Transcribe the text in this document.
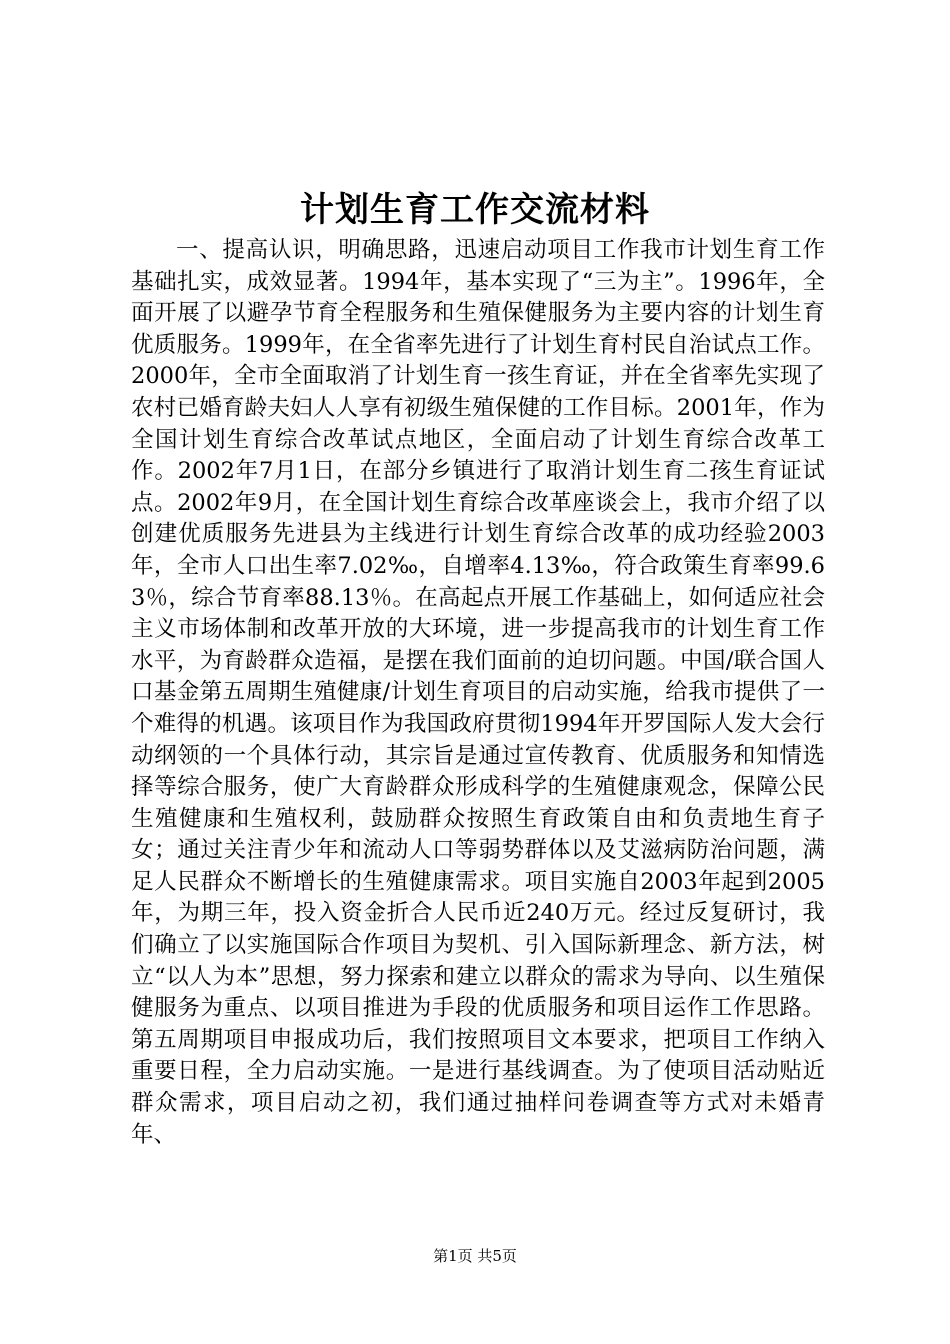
计划生育工作交流材料

一、提高认识，明确思路，迅速启动项目工作我市计划生育工作基础扎实，成效显著。1994年，基本实现了“三为主”。1996年，全面开展了以避孕节育全程服务和生殖保健服务为主要内容的计划生育优质服务。1999年，在全省率先进行了计划生育村民自治试点工作。2000年，全市全面取消了计划生育一孩生育证，并在全省率先实现了农村已婚育龄夫妇人人享有初级生殖保健的工作目标。2001年，作为全国计划生育综合改革试点地区，全面启动了计划生育综合改革工作。2002年7月1日，在部分乡镇进行了取消计划生育二孩生育证试点。2002年9月，在全国计划生育综合改革座谈会上，我市介绍了以创建优质服务先进县为主线进行计划生育综合改革的成功经验2003年，全市人口出生率7.02‰，自增率4.13‰，符合政策生育率99.63％，综合节育率88.13％。在高起点开展工作基础上，如何适应社会主义市场体制和改革开放的大环境，进一步提高我市的计划生育工作水平，为育龄群众造福，是摆在我们面前的迫切问题。中国/联合国人口基金第五周期生殖健康/计划生育项目的启动实施，给我市提供了一个难得的机遇。该项目作为我国政府贯彻1994年开罗国际人发大会行动纲领的一个具体行动，其宗旨是通过宣传教育、优质服务和知情选择等综合服务，使广大育龄群众形成科学的生殖健康观念，保障公民生殖健康和生殖权利，鼓励群众按照生育政策自由和负责地生育子女；通过关注青少年和流动人口等弱势群体以及艾滋病防治问题，满足人民群众不断增长的生殖健康需求。项目实施自2003年起到2005年，为期三年，投入资金折合人民币近240万元。经过反复研讨，我们确立了以实施国际合作项目为契机、引入国际新理念、新方法，树立“以人为本”思想，努力探索和建立以群众的需求为导向、以生殖保健服务为重点、以项目推进为手段的优质服务和项目运作工作思路。第五周期项目申报成功后，我们按照项目文本要求，把项目工作纳入重要日程，全力启动实施。一是进行基线调查。为了使项目活动贴近群众需求，项目启动之初，我们通过抽样问卷调查等方式对未婚青年、

第1页 共5页
